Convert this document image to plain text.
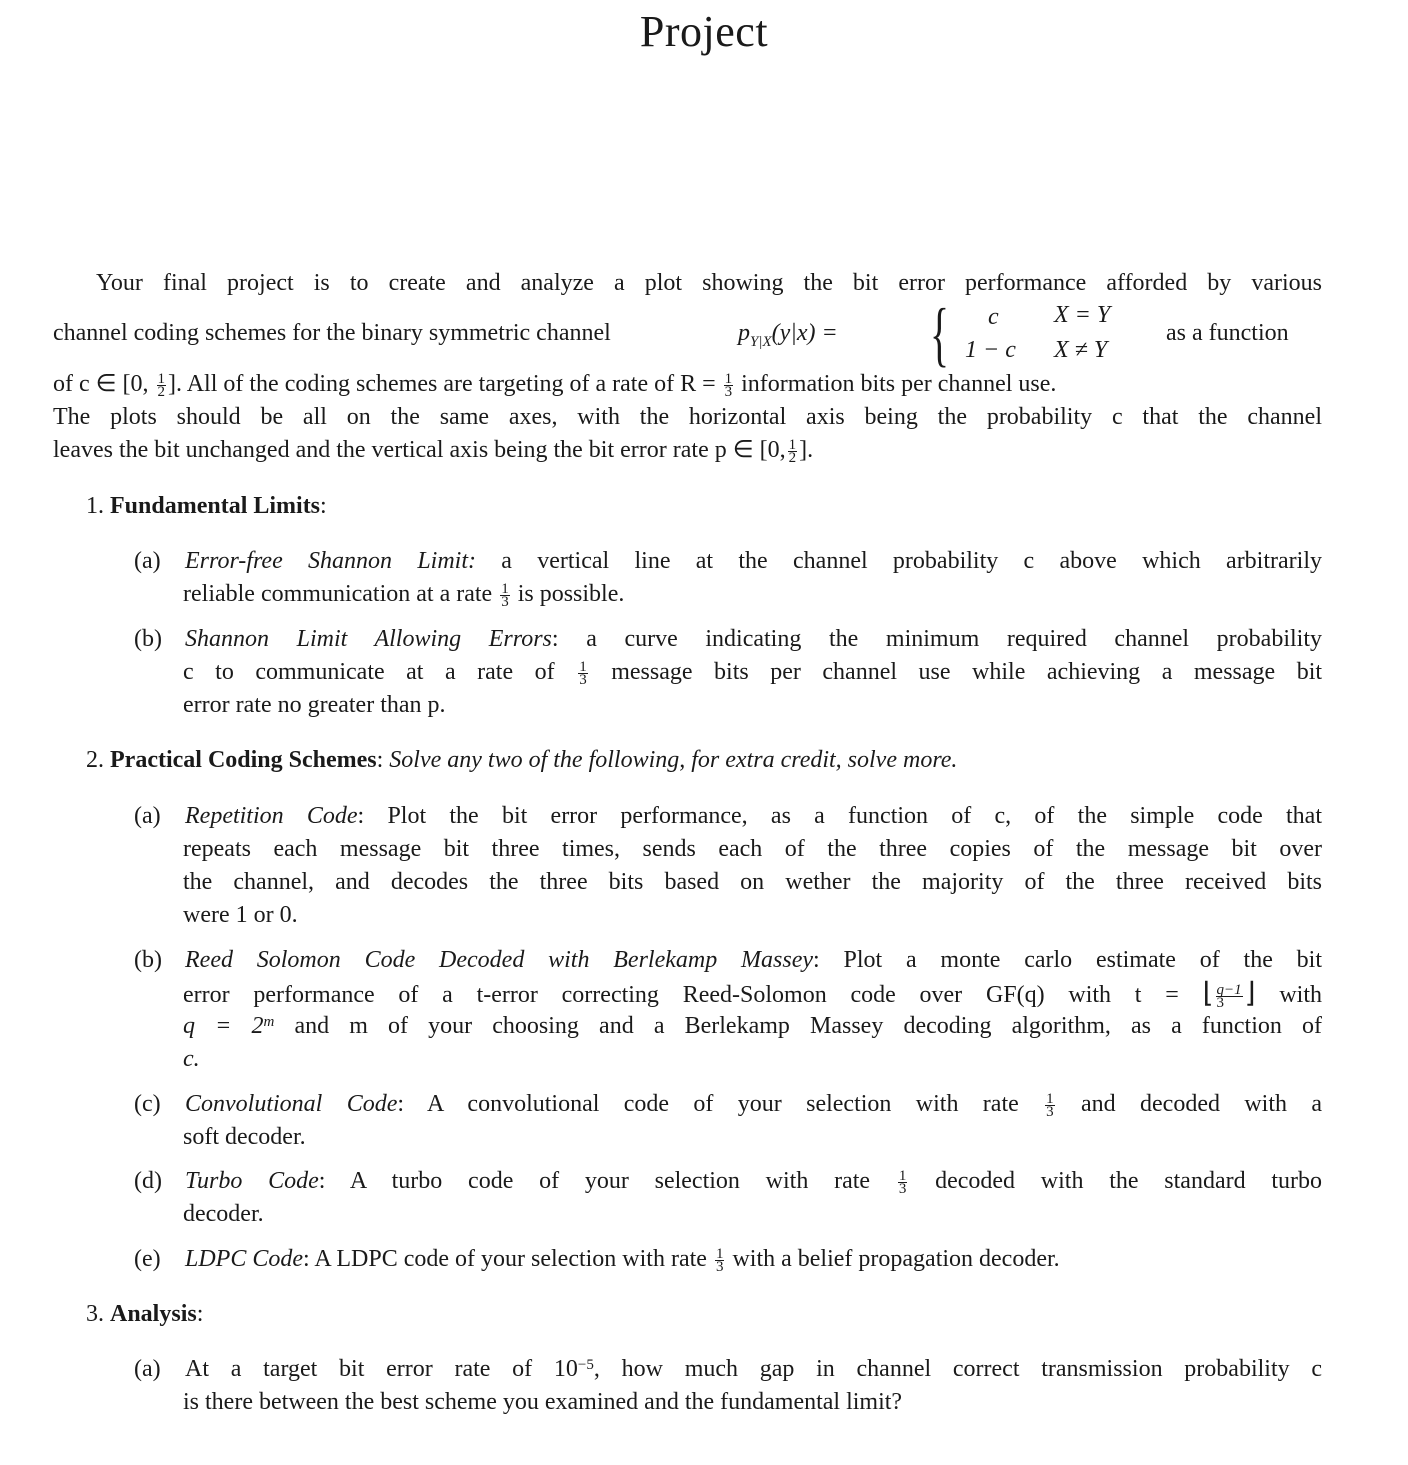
Project
Your final project is to create and analyze a plot showing the bit error performance afforded by various
channel coding schemes for the binary symmetric channel	$p_{Y|X}(y|x)$ = { c X = Y
1 − c X ≠ Y
as a function
of c ∈ [0, $\frac{1}{2}$ ]. All of the coding schemes are targeting of a rate of $R = \frac{1}{3}$ information bits per channel use.
The plots should be all on the same axes, with the horizontal axis being the probability c that the channel
leaves the bit unchanged and the vertical axis being the bit error rate p ∈ [0, $\frac{1}{2}$ ].
1. Fundamental Limits:
(a) Error-free Shannon Limit: a vertical line at the channel probability c above which arbitrarily
reliable communication at a rate $\frac{1}{3}$ is possible.
(b) Shannon Limit Allowing Errors: a curve indicating the minimum required channel probability
c to communicate at a rate of $\frac{1}{3}$ message bits per channel use while achieving a message bit
error rate no greater than p.
2. Practical Coding Schemes: Solve any two of the following, for extra credit, solve more.
(a) Repetition Code: Plot the bit error performance, as a function of c, of the simple code that
repeats each message bit three times, sends each of the three copies of the message bit over
the channel, and decodes the three bits based on wether the majority of the three received bits
were 1 or 0.
(b) Reed Solomon Code Decoded with Berlekamp Massey: Plot a monte carlo estimate of the bit
error performance of a t-error correcting Reed-Solomon code over GF(q) with t = ⌊ $\frac{q-1}{3}$ ⌋ with
$q = 2^m$ and m of your choosing and a Berlekamp Massey decoding algorithm, as a function of
c.
(c) Convolutional Code: A convolutional code of your selection with rate $\frac{1}{3}$ and decoded with a
soft decoder.
(d) Turbo Code: A turbo code of your selection with rate $\frac{1}{3}$ decoded with the standard turbo
decoder.
(e) LDPC Code: A LDPC code of your selection with rate $\frac{1}{3}$ with a belief propagation decoder.
3. Analysis:
(a) At a target bit error rate of $10^{-5}$, how much gap in channel correct transmission probability c
is there between the best scheme you examined and the fundamental limit?
